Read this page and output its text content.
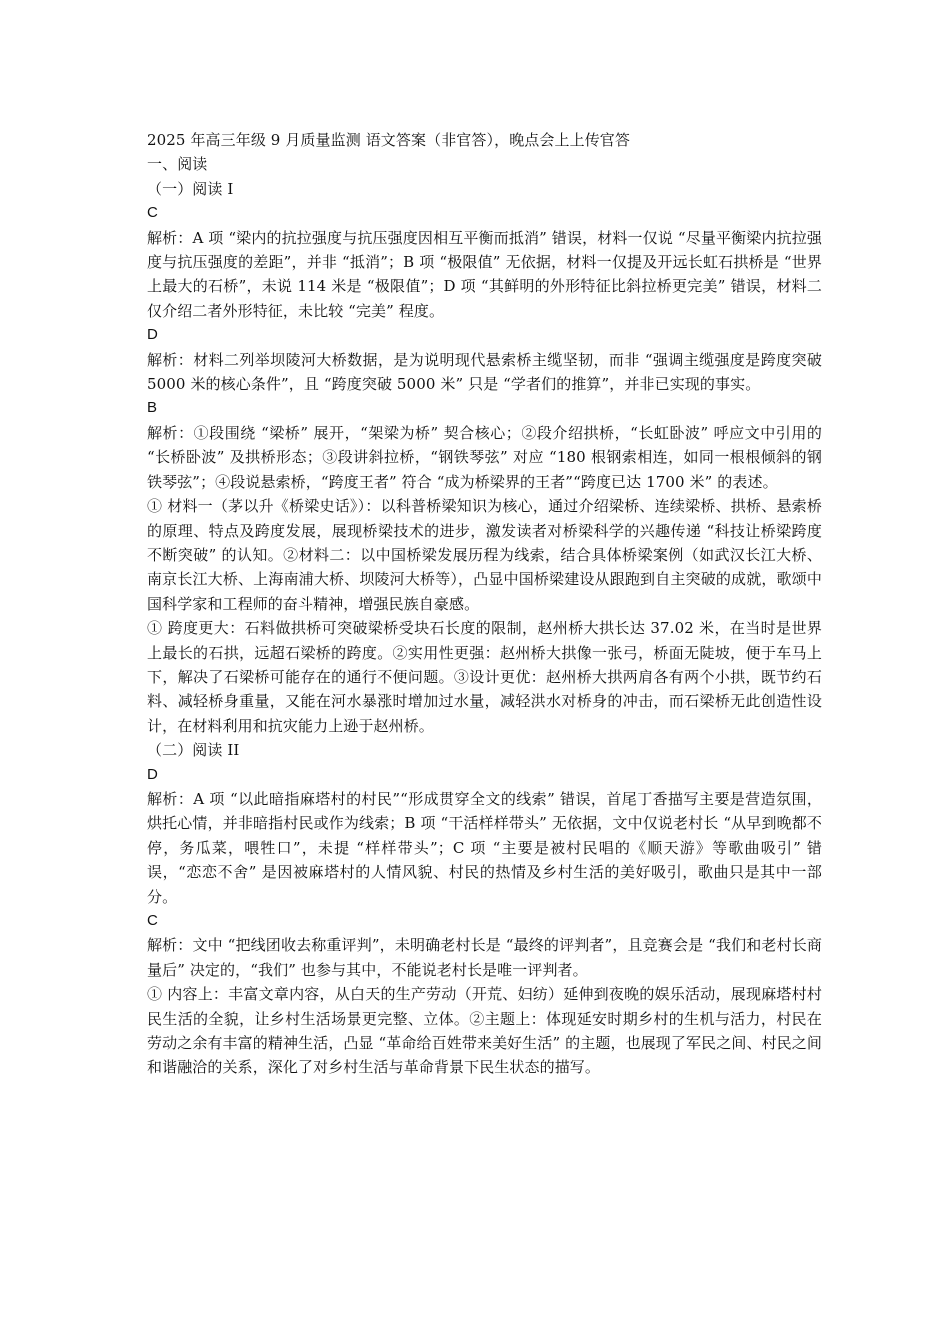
2025 年高三年级 9 月质量监测 语文答案（非官答），晚点会上上传官答

一、阅读

（一）阅读 I

C

解析：A 项 “梁内的抗拉强度与抗压强度因相互平衡而抵消” 错误，材料一仅说 “尽量平衡梁内抗拉强度与抗压强度的差距”，并非 “抵消”；B 项 “极限值” 无依据，材料一仅提及开远长虹石拱桥是 “世界上最大的石桥”，未说 114 米是 “极限值”；D 项 “其鲜明的外形特征比斜拉桥更完美” 错误，材料二仅介绍二者外形特征，未比较 “完美” 程度。

D

解析：材料二列举坝陵河大桥数据，是为说明现代悬索桥主缆坚韧，而非 “强调主缆强度是跨度突破 5000 米的核心条件”，且 “跨度突破 5000 米” 只是 “学者们的推算”，并非已实现的事实。

B

解析：①段围绕 “梁桥” 展开，“架梁为桥” 契合核心；②段介绍拱桥，“长虹卧波” 呼应文中引用的 “长桥卧波” 及拱桥形态；③段讲斜拉桥，“钢铁琴弦” 对应 “180 根钢索相连，如同一根根倾斜的钢铁琴弦”；④段说悬索桥，“跨度王者” 符合 “成为桥梁界的王者”“跨度已达 1700 米” 的表述。

① 材料一（茅以升《桥梁史话》）：以科普桥梁知识为核心，通过介绍梁桥、连续梁桥、拱桥、悬索桥的原理、特点及跨度发展，展现桥梁技术的进步，激发读者对桥梁科学的兴趣传递 “科技让桥梁跨度不断突破” 的认知。②材料二：以中国桥梁发展历程为线索，结合具体桥梁案例（如武汉长江大桥、南京长江大桥、上海南浦大桥、坝陵河大桥等），凸显中国桥梁建设从跟跑到自主突破的成就，歌颂中国科学家和工程师的奋斗精神，增强民族自豪感。

① 跨度更大：石料做拱桥可突破梁桥受块石长度的限制，赵州桥大拱长达 37.02 米，在当时是世界上最长的石拱，远超石梁桥的跨度。②实用性更强：赵州桥大拱像一张弓，桥面无陡坡，便于车马上下，解决了石梁桥可能存在的通行不便问题。③设计更优：赵州桥大拱两肩各有两个小拱，既节约石料、减轻桥身重量，又能在河水暴涨时增加过水量，减轻洪水对桥身的冲击，而石梁桥无此创造性设计，在材料利用和抗灾能力上逊于赵州桥。

（二）阅读 II

D

解析：A 项 “以此暗指麻塔村的村民”“形成贯穿全文的线索” 错误，首尾丁香描写主要是营造氛围，烘托心情，并非暗指村民或作为线索；B 项 “干活样样带头” 无依据，文中仅说老村长 “从早到晚都不停，务瓜菜，喂牲口”，未提 “样样带头”；C 项 “主要是被村民唱的《顺天游》等歌曲吸引” 错误，“恋恋不舍” 是因被麻塔村的人情风貌、村民的热情及乡村生活的美好吸引，歌曲只是其中一部分。

C

解析：文中 “把线团收去称重评判”，未明确老村长是 “最终的评判者”，且竞赛会是 “我们和老村长商量后” 决定的，“我们” 也参与其中，不能说老村长是唯一评判者。

① 内容上：丰富文章内容，从白天的生产劳动（开荒、妇纺）延伸到夜晚的娱乐活动，展现麻塔村村民生活的全貌，让乡村生活场景更完整、立体。②主题上：体现延安时期乡村的生机与活力，村民在劳动之余有丰富的精神生活，凸显 “革命给百姓带来美好生活” 的主题，也展现了军民之间、村民之间和谐融洽的关系，深化了对乡村生活与革命背景下民生状态的描写。
